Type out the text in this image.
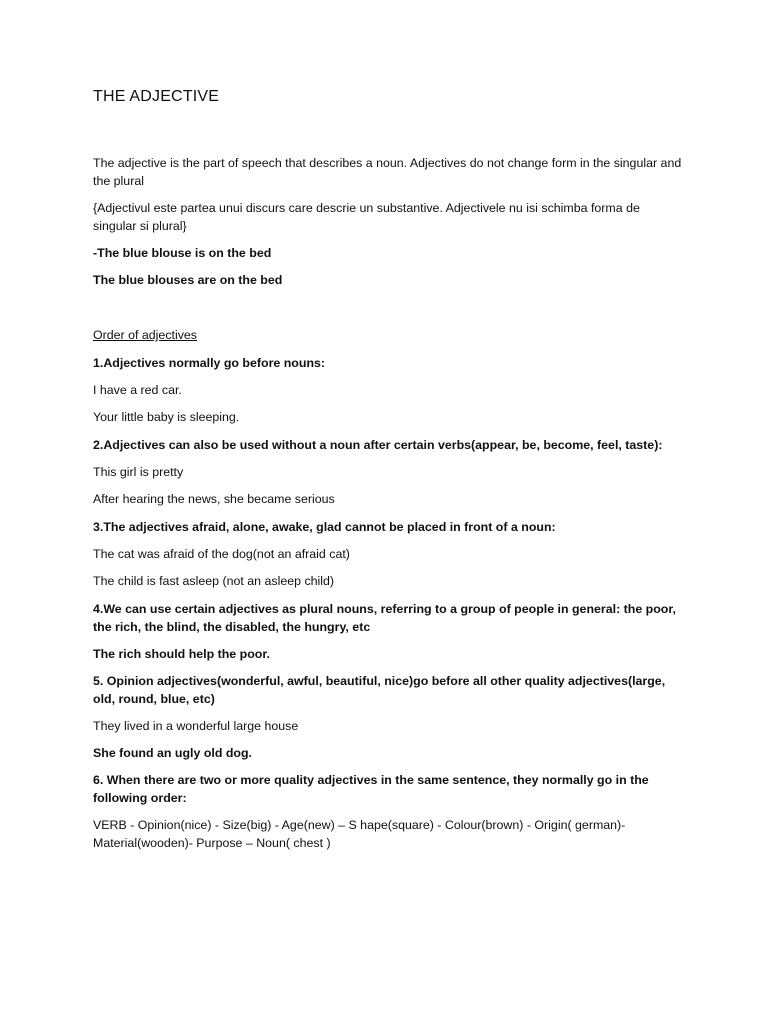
THE ADJECTIVE

The adjective is the part of speech that describes a noun. Adjectives do not change form in the singular and the plural

{Adjectivul este partea unui discurs care descrie un substantive. Adjectivele nu isi schimba forma de singular si plural}

-The blue blouse is on the bed

The blue blouses are on the bed

Order of adjectives

1.Adjectives normally go before nouns:

I have a red car.

Your little baby is sleeping.

2.Adjectives can also be used without a noun after certain verbs(appear, be, become, feel, taste):

This girl is pretty

After hearing the news, she became serious

3.The adjectives afraid, alone, awake, glad cannot be placed in front of a noun:

The cat was afraid of the dog(not an afraid cat)

The child is fast asleep (not an asleep child)

4.We can use certain adjectives as plural nouns, referring to a group of people in general: the poor, the rich, the blind, the disabled, the hungry, etc

The rich should help the poor.

5. Opinion adjectives(wonderful, awful, beautiful, nice)go before all other quality adjectives(large, old, round, blue, etc)

They lived in a wonderful large house

She found an ugly old dog.

6. When there are two or more quality adjectives in the same sentence, they normally go in the following order:

VERB - Opinion(nice) - Size(big) - Age(new) – S hape(square) - Colour(brown) - Origin( german)- Material(wooden)- Purpose – Noun( chest )
